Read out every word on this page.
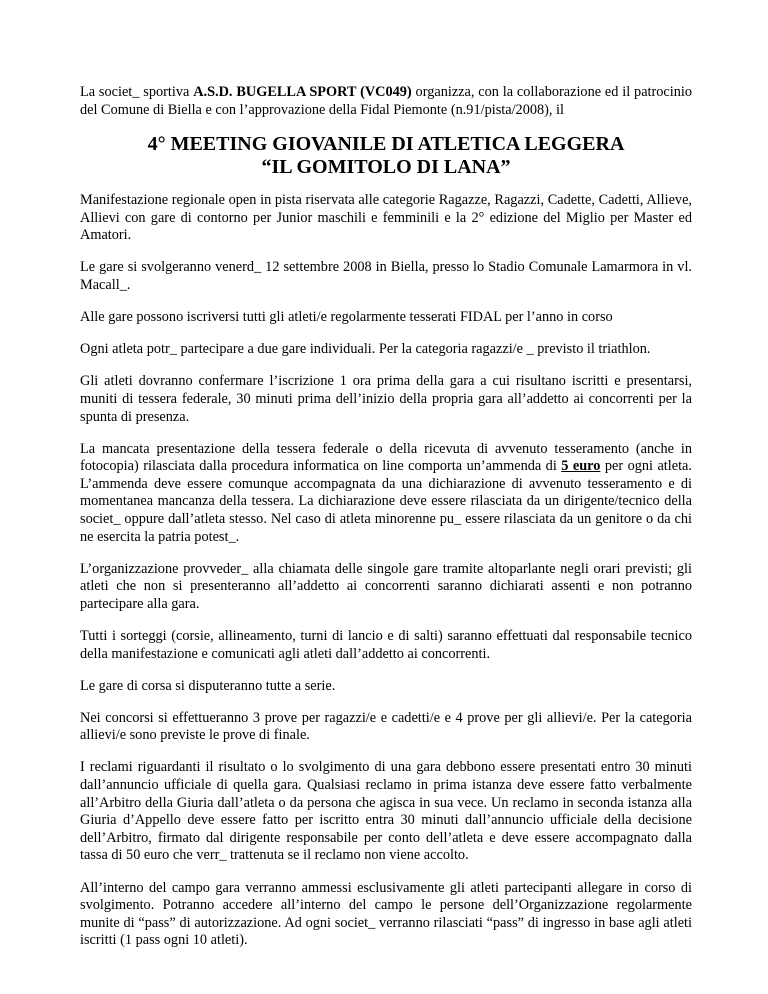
La societ_ sportiva A.S.D. BUGELLA SPORT (VC049) organizza, con la collaborazione ed il patrocinio del Comune di Biella e con l’approvazione della Fidal Piemonte (n.91/pista/2008), il

4° MEETING GIOVANILE DI ATLETICA LEGGERA
“IL GOMITOLO DI LANA”

Manifestazione regionale open in pista riservata alle categorie Ragazze, Ragazzi, Cadette, Cadetti, Allieve, Allievi con gare di contorno per Junior maschili e femminili e la 2° edizione del Miglio per Master ed Amatori.

Le gare si svolgeranno venerd_ 12 settembre 2008 in Biella, presso lo Stadio Comunale Lamarmora in vl. Macall_.

Alle gare possono iscriversi tutti gli atleti/e regolarmente tesserati FIDAL per l’anno in corso

Ogni atleta potr_ partecipare a due gare individuali. Per la categoria ragazzi/e _ previsto il triathlon.

Gli atleti dovranno confermare l’iscrizione 1 ora prima della gara a cui risultano iscritti e presentarsi, muniti di tessera federale, 30 minuti prima dell’inizio della propria gara all’addetto ai concorrenti per la spunta di presenza.

La mancata presentazione della tessera federale o della ricevuta di avvenuto tesseramento (anche in fotocopia) rilasciata dalla procedura informatica on line comporta un’ammenda di 5 euro per ogni atleta. L’ammenda deve essere comunque accompagnata da una dichiarazione di avvenuto tesseramento e di momentanea mancanza della tessera. La dichiarazione deve essere rilasciata da un dirigente/tecnico della societ_ oppure dall’atleta stesso. Nel caso di atleta minorenne pu_ essere rilasciata da un genitore o da chi ne esercita la patria potest_.

L’organizzazione provveder_ alla chiamata delle singole gare tramite altoparlante negli orari previsti; gli atleti che non si presenteranno all’addetto ai concorrenti saranno dichiarati assenti e non potranno partecipare alla gara.

Tutti i sorteggi (corsie, allineamento, turni di lancio e di salti) saranno effettuati dal responsabile tecnico della manifestazione e comunicati agli atleti dall’addetto ai concorrenti.

Le gare di corsa si disputeranno tutte a serie.

Nei concorsi si effettueranno 3 prove per ragazzi/e e cadetti/e e 4 prove per gli allievi/e. Per la categoria allievi/e sono previste le prove di finale.

I reclami riguardanti il risultato o lo svolgimento di una gara debbono essere presentati entro 30 minuti dall’annuncio ufficiale di quella gara. Qualsiasi reclamo in prima istanza deve essere fatto verbalmente all’Arbitro della Giuria dall’atleta o da persona che agisca in sua vece. Un reclamo in seconda istanza alla Giuria d’Appello deve essere fatto per iscritto entra 30 minuti dall’annuncio ufficiale della decisione dell’Arbitro, firmato dal dirigente responsabile per conto dell’atleta e deve essere accompagnato dalla tassa di 50 euro che verr_ trattenuta se il reclamo non viene accolto.

All’interno del campo gara verranno ammessi esclusivamente gli atleti partecipanti allegare in corso di svolgimento. Potranno accedere all’interno del campo le persone dell’Organizzazione regolarmente munite di “pass” di autorizzazione. Ad ogni societ_ verranno rilasciati “pass” di ingresso in base agli atleti iscritti (1 pass ogni 10 atleti).
